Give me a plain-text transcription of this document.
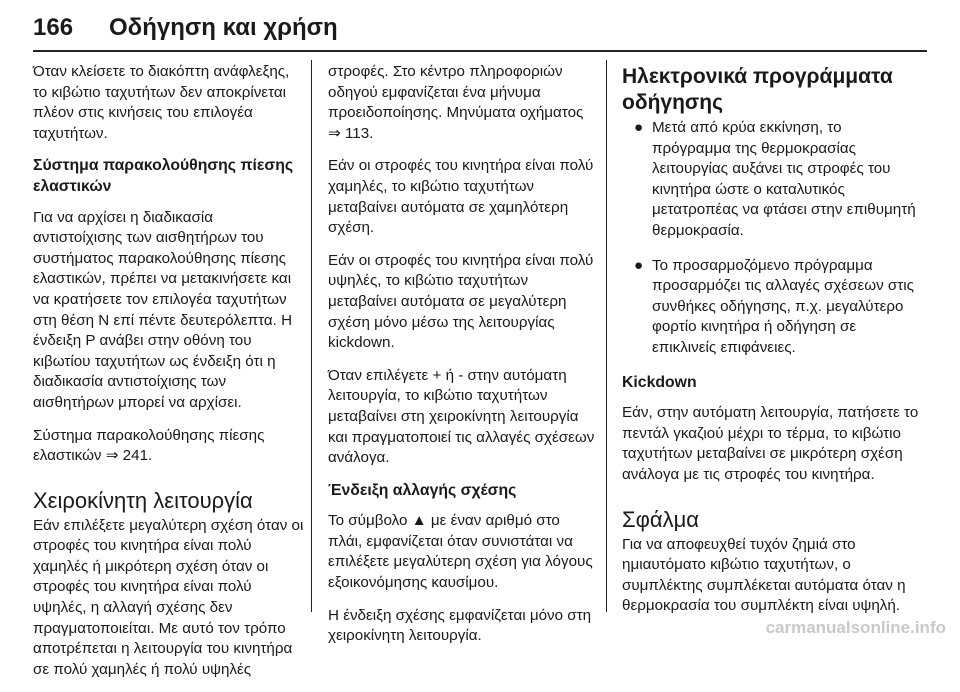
166	Οδήγηση και χρήση

Όταν κλείσετε το διακόπτη ανάφλεξης, το κιβώτιο ταχυτήτων δεν αποκρίνεται πλέον στις κινήσεις του επιλογέα ταχυτήτων.

Σύστημα παρακολούθησης πίεσης ελαστικών

Για να αρχίσει η διαδικασία αντιστοίχισης των αισθητήρων του συστήματος παρακολούθησης πίεσης ελαστικών, πρέπει να μετακινήσετε και να κρατήσετε τον επιλογέα ταχυτήτων στη θέση N επί πέντε δευτερόλεπτα. Η ένδειξη P ανάβει στην οθόνη του κιβωτίου ταχυτήτων ως ένδειξη ότι η διαδικασία αντιστοίχισης των αισθητήρων μπορεί να αρχίσει.

Σύστημα παρακολούθησης πίεσης ελαστικών ⇒ 241.

Χειροκίνητη λειτουργία

Εάν επιλέξετε μεγαλύτερη σχέση όταν οι στροφές του κινητήρα είναι πολύ χαμηλές ή μικρότερη σχέση όταν οι στροφές του κινητήρα είναι πολύ υψηλές, η αλλαγή σχέσης δεν πραγματοποιείται. Με αυτό τον τρόπο αποτρέπεται η λειτουργία του κινητήρα σε πολύ χαμηλές ή πολύ υψηλές

στροφές. Στο κέντρο πληροφοριών οδηγού εμφανίζεται ένα μήνυμα προειδοποίησης. Μηνύματα οχήματος ⇒ 113.

Εάν οι στροφές του κινητήρα είναι πολύ χαμηλές, το κιβώτιο ταχυτήτων μεταβαίνει αυτόματα σε χαμηλότερη σχέση.

Εάν οι στροφές του κινητήρα είναι πολύ υψηλές, το κιβώτιο ταχυτήτων μεταβαίνει αυτόματα σε μεγαλύτερη σχέση μόνο μέσω της λειτουργίας kickdown.

Όταν επιλέγετε + ή - στην αυτόματη λειτουργία, το κιβώτιο ταχυτήτων μεταβαίνει στη χειροκίνητη λειτουργία και πραγματοποιεί τις αλλαγές σχέσεων ανάλογα.

Ένδειξη αλλαγής σχέσης

Το σύμβολο ▲ με έναν αριθμό στο πλάι, εμφανίζεται όταν συνιστάται να επιλέξετε μεγαλύτερη σχέση για λόγους εξοικονόμησης καυσίμου.

Η ένδειξη σχέσης εμφανίζεται μόνο στη χειροκίνητη λειτουργία.

Ηλεκτρονικά προγράμματα οδήγησης
● Μετά από κρύα εκκίνηση, το πρόγραμμα της θερμοκρασίας λειτουργίας αυξάνει τις στροφές του κινητήρα ώστε ο καταλυτικός μετατροπέας να φτάσει στην επιθυμητή θερμοκρασία.
● Το προσαρμοζόμενο πρόγραμμα προσαρμόζει τις αλλαγές σχέσεων στις συνθήκες οδήγησης, π.χ. μεγαλύτερο φορτίο κινητήρα ή οδήγηση σε επικλινείς επιφάνειες.
Kickdown

Εάν, στην αυτόματη λειτουργία, πατήσετε το πεντάλ γκαζιού μέχρι το τέρμα, το κιβώτιο ταχυτήτων μεταβαίνει σε μικρότερη σχέση ανάλογα με τις στροφές του κινητήρα.

Σφάλμα

Για να αποφευχθεί τυχόν ζημιά στο ημιαυτόματο κιβώτιο ταχυτήτων, ο συμπλέκτης συμπλέκεται αυτόματα όταν η θερμοκρασία του συμπλέκτη είναι υψηλή.

carmanualsonline.info
